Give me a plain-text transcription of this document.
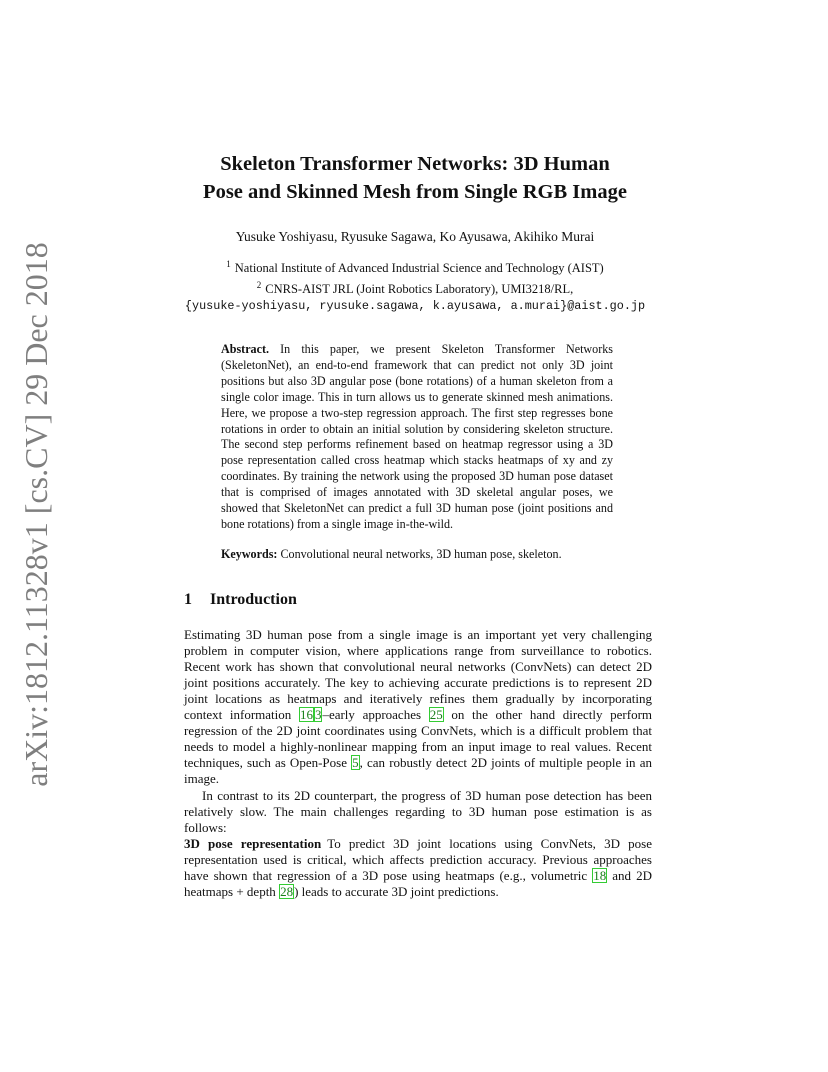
arXiv:1812.11328v1 [cs.CV] 29 Dec 2018
Skeleton Transformer Networks: 3D Human
Pose and Skinned Mesh from Single RGB Image
Yusuke Yoshiyasu, Ryusuke Sagawa, Ko Ayusawa, Akihiko Murai
$^1$ National Institute of Advanced Industrial Science and Technology (AIST)
$^2$ CNRS-AIST JRL (Joint Robotics Laboratory), UMI3218/RL,
{yusuke-yoshiyasu, ryusuke.sagawa, k.ayusawa, a.murai}@aist.go.jp

Abstract. In this paper, we present Skeleton Transformer Networks (SkeletonNet), an end-to-end framework that can predict not only 3D joint positions but also 3D angular pose (bone rotations) of a human skeleton from a single color image. This in turn allows us to generate skinned mesh animations. Here, we propose a two-step regression approach. The first step regresses bone rotations in order to obtain an initial solution by considering skeleton structure. The second step performs refinement based on heatmap regressor using a 3D pose representation called cross heatmap which stacks heatmaps of xy and zy coordinates. By training the network using the proposed 3D human pose dataset that is comprised of images annotated with 3D skeletal angular poses, we showed that SkeletonNet can predict a full 3D human pose (joint positions and bone rotations) from a single image in-the-wild.

Keywords: Convolutional neural networks, 3D human pose, skeleton.

1 Introduction

Estimating 3D human pose from a single image is an important yet very challenging problem in computer vision, where applications range from surveillance to robotics. Recent work has shown that convolutional neural networks (ConvNets) can detect 2D joint positions accurately. The key to achieving accurate predictions is to represent 2D joint locations as heatmaps and iteratively refines them gradually by incorporating context information 16 3–early approaches 25 on the other hand directly perform regression of the 2D joint coordinates using ConvNets, which is a difficult problem that needs to model a highly-nonlinear mapping from an input image to real values. Recent techniques, such as Open-Pose 5, can robustly detect 2D joints of multiple people in an image.

In contrast to its 2D counterpart, the progress of 3D human pose detection has been relatively slow. The main challenges regarding to 3D human pose estimation is as follows:

3D pose representation To predict 3D joint locations using ConvNets, 3D pose representation used is critical, which affects prediction accuracy. Previous approaches have shown that regression of a 3D pose using heatmaps (e.g., volumetric 18 and 2D heatmaps + depth 28) leads to accurate 3D joint predictions.
